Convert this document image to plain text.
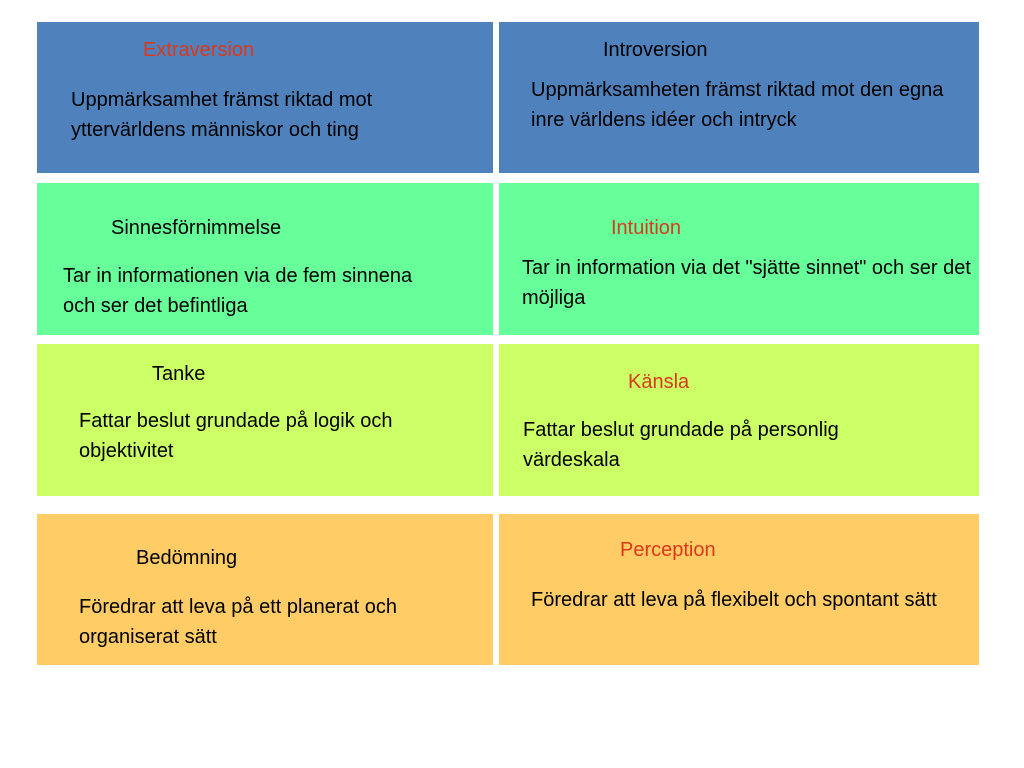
Extraversion
Uppmärksamhet främst riktad mot yttervärldens människor och ting
Introversion
Uppmärksamheten främst riktad mot den egna inre världens idéer och intryck
Sinnesförnimmelse
Tar in informationen via de fem sinnena och ser det befintliga
Intuition
Tar in information via det "sjätte sinnet" och ser det möjliga
Tanke
Fattar beslut grundade på logik och objektivitet
Känsla
Fattar beslut grundade på personlig värdeskala
Bedömning
Föredrar att leva på ett planerat och organiserat sätt
Perception
Föredrar att leva på flexibelt och spontant sätt
